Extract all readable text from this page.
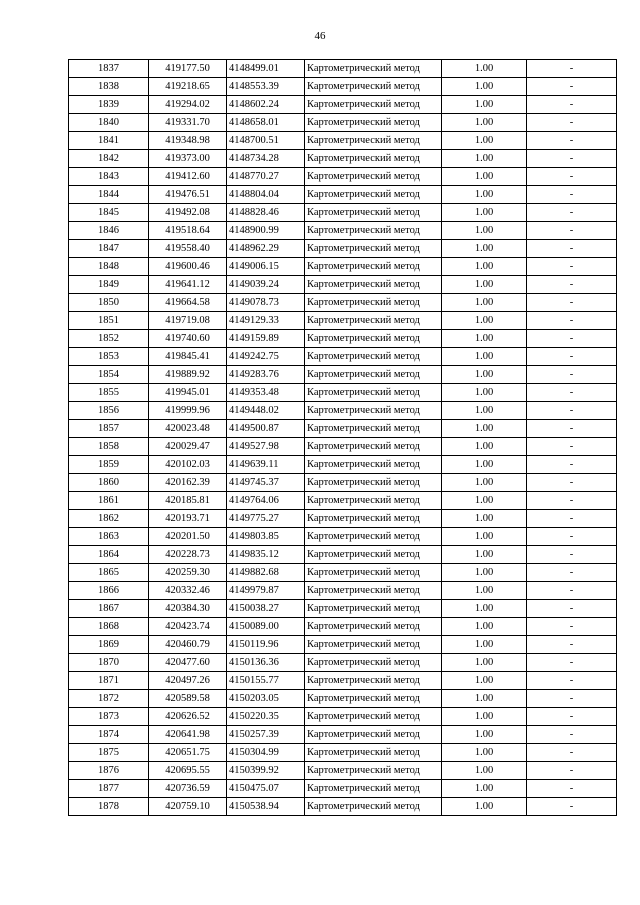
46
1837	419177.50	4148499.01	Картометрический метод	1.00	-
1838	419218.65	4148553.39	Картометрический метод	1.00	-
1839	419294.02	4148602.24	Картометрический метод	1.00	-
1840	419331.70	4148658.01	Картометрический метод	1.00	-
1841	419348.98	4148700.51	Картометрический метод	1.00	-
1842	419373.00	4148734.28	Картометрический метод	1.00	-
1843	419412.60	4148770.27	Картометрический метод	1.00	-
1844	419476.51	4148804.04	Картометрический метод	1.00	-
1845	419492.08	4148828.46	Картометрический метод	1.00	-
1846	419518.64	4148900.99	Картометрический метод	1.00	-
1847	419558.40	4148962.29	Картометрический метод	1.00	-
1848	419600.46	4149006.15	Картометрический метод	1.00	-
1849	419641.12	4149039.24	Картометрический метод	1.00	-
1850	419664.58	4149078.73	Картометрический метод	1.00	-
1851	419719.08	4149129.33	Картометрический метод	1.00	-
1852	419740.60	4149159.89	Картометрический метод	1.00	-
1853	419845.41	4149242.75	Картометрический метод	1.00	-
1854	419889.92	4149283.76	Картометрический метод	1.00	-
1855	419945.01	4149353.48	Картометрический метод	1.00	-
1856	419999.96	4149448.02	Картометрический метод	1.00	-
1857	420023.48	4149500.87	Картометрический метод	1.00	-
1858	420029.47	4149527.98	Картометрический метод	1.00	-
1859	420102.03	4149639.11	Картометрический метод	1.00	-
1860	420162.39	4149745.37	Картометрический метод	1.00	-
1861	420185.81	4149764.06	Картометрический метод	1.00	-
1862	420193.71	4149775.27	Картометрический метод	1.00	-
1863	420201.50	4149803.85	Картометрический метод	1.00	-
1864	420228.73	4149835.12	Картометрический метод	1.00	-
1865	420259.30	4149882.68	Картометрический метод	1.00	-
1866	420332.46	4149979.87	Картометрический метод	1.00	-
1867	420384.30	4150038.27	Картометрический метод	1.00	-
1868	420423.74	4150089.00	Картометрический метод	1.00	-
1869	420460.79	4150119.96	Картометрический метод	1.00	-
1870	420477.60	4150136.36	Картометрический метод	1.00	-
1871	420497.26	4150155.77	Картометрический метод	1.00	-
1872	420589.58	4150203.05	Картометрический метод	1.00	-
1873	420626.52	4150220.35	Картометрический метод	1.00	-
1874	420641.98	4150257.39	Картометрический метод	1.00	-
1875	420651.75	4150304.99	Картометрический метод	1.00	-
1876	420695.55	4150399.92	Картометрический метод	1.00	-
1877	420736.59	4150475.07	Картометрический метод	1.00	-
1878	420759.10	4150538.94	Картометрический метод	1.00	-
